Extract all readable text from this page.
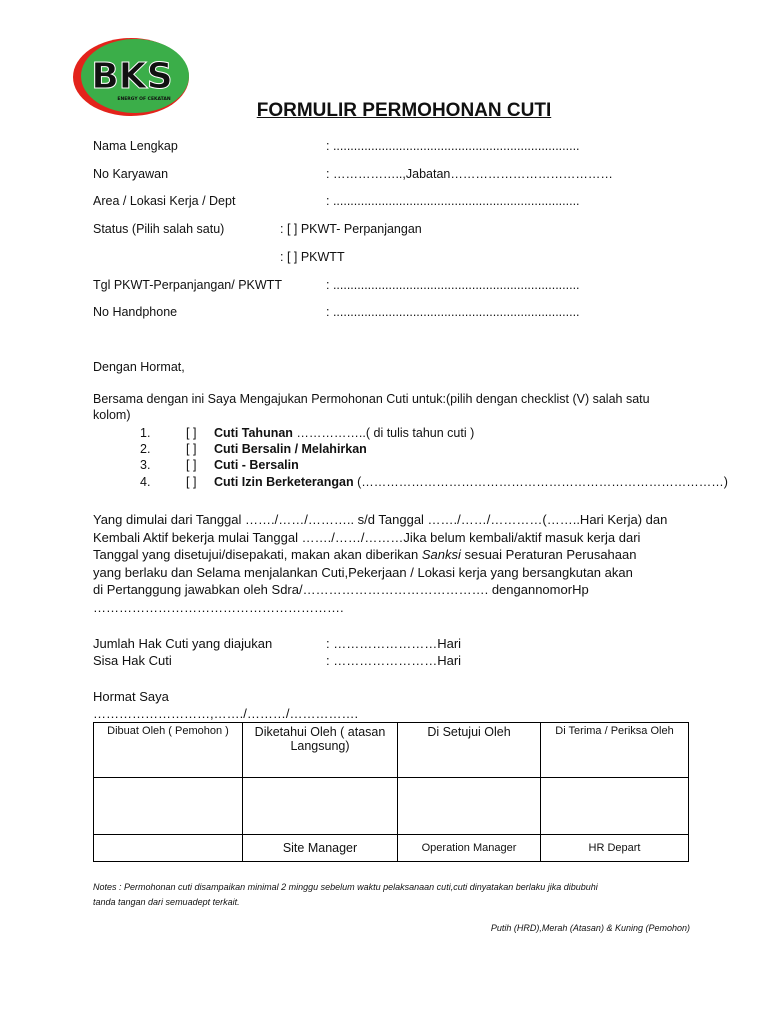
BKS
ENERGY OF CEKATAN
FORMULIR PERMOHONAN CUTI
Nama Lengkap	: .......................................................................
No Karyawan	: ……………..,Jabatan…………………………………
Area / Lokasi Kerja / Dept	: .......................................................................
Status (Pilih salah satu)	: [ ] PKWT- Perpanjangan
: [ ] PKWTT
Tgl PKWT-Perpanjangan/ PKWTT	: .......................................................................
No Handphone	: .......................................................................
Dengan Hormat,
Bersama dengan ini Saya Mengajukan Permohonan Cuti untuk:(pilih dengan checklist (V) salah satu
kolom)
1.	[ ] Cuti Tahunan ……………..( di tulis tahun cuti )
2.	[ ] Cuti Bersalin / Melahirkan
3.	[ ] Cuti - Bersalin
4.	[ ] Cuti Izin Berketerangan (……………………………………………………………………………)
Yang dimulai dari Tanggal ……./……/……….. s/d Tanggal ……./……/…………(……..Hari Kerja) dan
Kembali Aktif bekerja mulai Tanggal ……./……/………Jika belum kembali/aktif masuk kerja dari
Tanggal yang disetujui/disepakati, makan akan diberikan Sanksi sesuai Peraturan Perusahaan
yang berlaku dan Selama menjalankan Cuti,Pekerjaan / Lokasi kerja yang bersangkutan akan
di Pertanggung jawabkan oleh Sdra/……………………………………. dengannomorHp
………………………………………………….
Jumlah Hak Cuti yang diajukan	: ……………………Hari
Sisa Hak Cuti	: ……………………Hari
Hormat Saya
………………………,……./………/…………….
Dibuat Oleh ( Pemohon )	Diketahui Oleh ( atasan Langsung)	Di Setujui Oleh	Di Terima / Periksa Oleh

	Site Manager	Operation Manager	HR Depart
Notes : Permohonan cuti disampaikan minimal 2 minggu sebelum waktu pelaksanaan cuti,cuti dinyatakan berlaku jika dibubuhi
tanda tangan dari semuadept terkait.
Putih (HRD),Merah (Atasan) & Kuning (Pemohon)
